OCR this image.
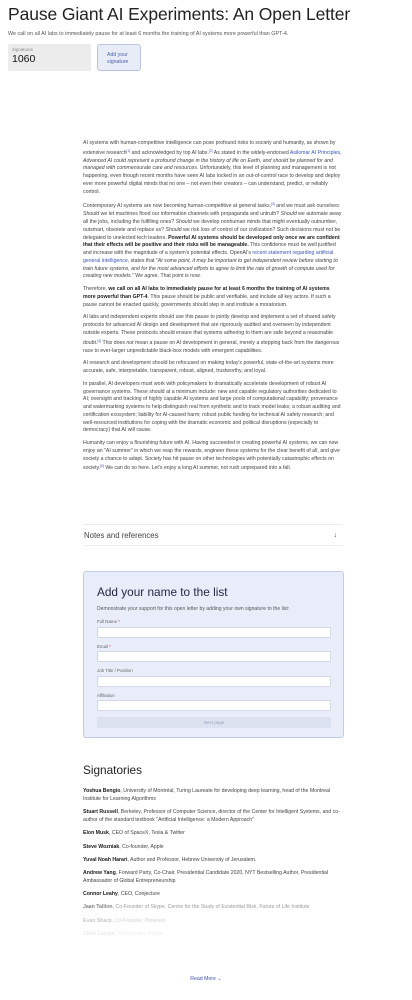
Pause Giant AI Experiments: An Open Letter
We call on all AI labs to immediately pause for at least 6 months the training of AI systems more powerful than GPT-4.
Signatures
1060	Add your signature

AI systems with human-competitive intelligence can pose profound risks to society and humanity, as shown by extensive research[1] and acknowledged by top AI labs.[2] As stated in the widely-endorsed Asilomar AI Principles, Advanced AI could represent a profound change in the history of life on Earth, and should be planned for and managed with commensurate care and resources. Unfortunately, this level of planning and management is not happening, even though recent months have seen AI labs locked in an out-of-control race to develop and deploy ever more powerful digital minds that no one – not even their creators – can understand, predict, or reliably control.

Contemporary AI systems are now becoming human-competitive at general tasks,[3] and we must ask ourselves: Should we let machines flood our information channels with propaganda and untruth? Should we automate away all the jobs, including the fulfilling ones? Should we develop nonhuman minds that might eventually outnumber, outsmart, obsolete and replace us? Should we risk loss of control of our civilization? Such decisions must not be delegated to unelected tech leaders. Powerful AI systems should be developed only once we are confident that their effects will be positive and their risks will be manageable. This confidence must be well justified and increase with the magnitude of a system's potential effects. OpenAI's recent statement regarding artificial general intelligence, states that "At some point, it may be important to get independent review before starting to train future systems, and for the most advanced efforts to agree to limit the rate of growth of compute used for creating new models." We agree. That point is now.

Therefore, we call on all AI labs to immediately pause for at least 6 months the training of AI systems more powerful than GPT-4. This pause should be public and verifiable, and include all key actors. If such a pause cannot be enacted quickly, governments should step in and institute a moratorium.

AI labs and independent experts should use this pause to jointly develop and implement a set of shared safety protocols for advanced AI design and development that are rigorously audited and overseen by independent outside experts. These protocols should ensure that systems adhering to them are safe beyond a reasonable doubt.[4] This does not mean a pause on AI development in general, merely a stepping back from the dangerous race to ever-larger unpredictable black-box models with emergent capabilities.

AI research and development should be refocused on making today's powerful, state-of-the-art systems more accurate, safe, interpretable, transparent, robust, aligned, trustworthy, and loyal.

In parallel, AI developers must work with policymakers to dramatically accelerate development of robust AI governance systems. These should at a minimum include: new and capable regulatory authorities dedicated to AI; oversight and tracking of highly capable AI systems and large pools of computational capability; provenance and watermarking systems to help distinguish real from synthetic and to track model leaks; a robust auditing and certification ecosystem; liability for AI-caused harm; robust public funding for technical AI safety research; and well-resourced institutions for coping with the dramatic economic and political disruptions (especially to democracy) that AI will cause.

Humanity can enjoy a flourishing future with AI. Having succeeded in creating powerful AI systems, we can now enjoy an "AI summer" in which we reap the rewards, engineer these systems for the clear benefit of all, and give society a chance to adapt. Society has hit pause on other technologies with potentially catastrophic effects on society.[5] We can do so here. Let's enjoy a long AI summer, not rush unprepared into a fall.

Notes and references	↓
Add your name to the list
Demonstrate your support for this open letter by adding your own signature to the list:
Full Name *
Email *
Job Title / Position
Affiliation
Next page
Signatories
Yoshua Bengio, University of Montréal, Turing Laureate for developing deep learning, head of the Montreal Institute for Learning Algorithms
Stuart Russell, Berkeley, Professor of Computer Science, director of the Center for Intelligent Systems, and co-author of the standard textbook "Artificial Intelligence: a Modern Approach"
Elon Musk, CEO of SpaceX, Tesla & Twitter
Steve Wozniak, Co-founder, Apple
Yuval Noah Harari, Author and Professor, Hebrew University of Jerusalem.
Andrew Yang, Forward Party, Co-Chair, Presidential Candidate 2020, NYT Bestselling Author, Presidential Ambassador of Global Entrepreneurship
Connor Leahy, CEO, Conjecture
Jaan Tallinn, Co-Founder of Skype, Centre for the Study of Existential Risk, Future of Life Institute
Evan Sharp, Co-Founder, Pinterest
Chris Larsen, Co-Founder, Ripple
Read More ⌄
